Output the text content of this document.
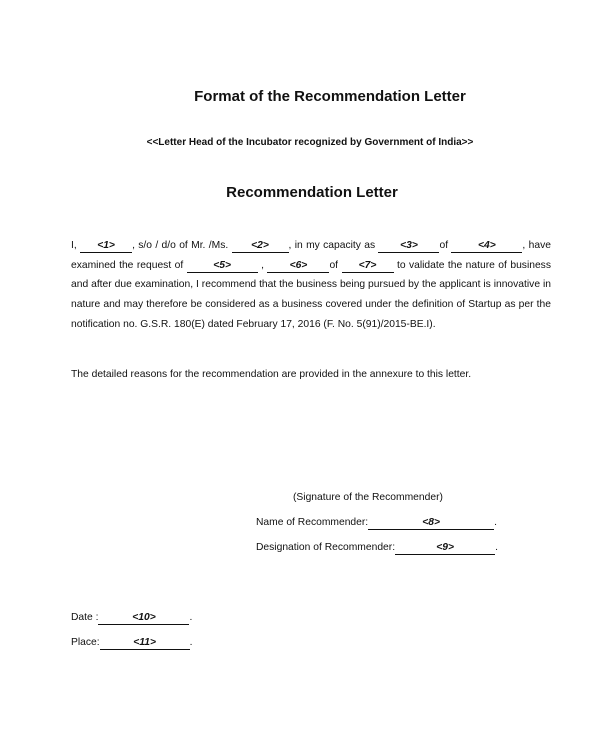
Format of the Recommendation Letter
<<Letter Head of the Incubator recognized by Government of India>>
Recommendation Letter
I, <1> , s/o / d/o of Mr. /Ms. <2> , in my capacity as <3> of	<4>	, have
examined the request of	<5>	, <6> of <7> to validate the nature of business
and after due examination, I recommend that the business being pursued by the applicant is innovative in
nature and may therefore be considered as a business covered under the definition of Startup as per the
notification no. G.S.R. 180(E) dated February 17, 2016 (F. No. 5(91)/2015-BE.I).
The detailed reasons for the recommendation are provided in the annexure to this letter.
(Signature of the Recommender)
Name of Recommender:	<8>	.
Designation of Recommender:	<9>	.
Date :	<10>	.
Place:	<11>	.
